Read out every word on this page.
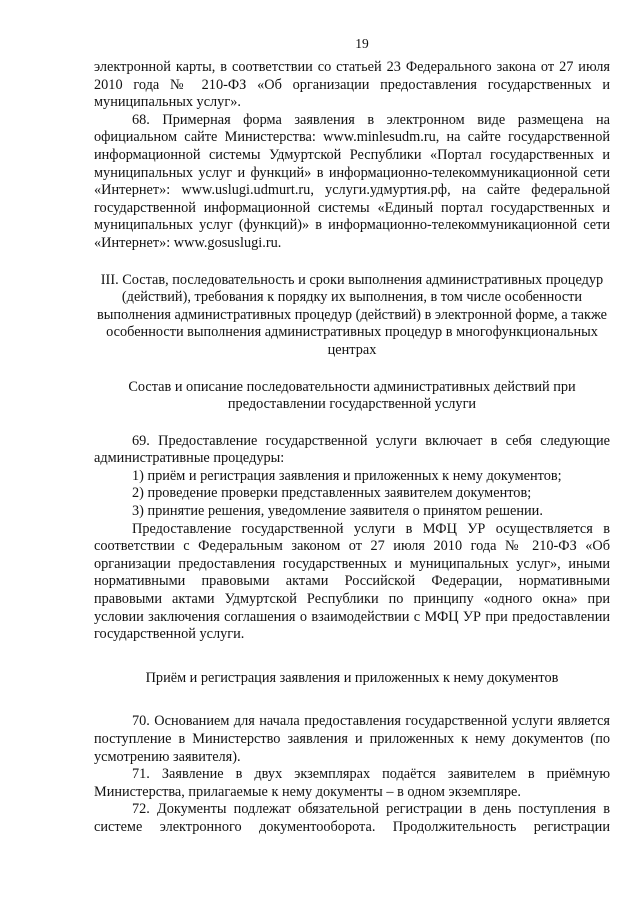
19

электронной карты, в соответствии со статьей 23 Федерального закона от 27 июля 2010 года № 210-ФЗ «Об организации предоставления государственных и муниципальных услуг».

68. Примерная форма заявления в электронном виде размещена на официальном сайте Министерства: www.minlesudm.ru, на сайте государственной информационной системы Удмуртской Республики «Портал государственных и муниципальных услуг и функций» в информационно-телекоммуникационной сети «Интернет»: www.uslugi.udmurt.ru, услуги.удмуртия.рф, на сайте федеральной государственной информационной системы «Единый портал государственных и муниципальных услуг (функций)» в информационно-телекоммуникационной сети «Интернет»: www.gosuslugi.ru.

III. Состав, последовательность и сроки выполнения административных процедур (действий), требования к порядку их выполнения, в том числе особенности выполнения административных процедур (действий) в электронной форме, а также особенности выполнения административных процедур в многофункциональных центрах

Состав и описание последовательности административных действий при предоставлении государственной услуги

69. Предоставление государственной услуги включает в себя следующие административные процедуры:

1) приём и регистрация заявления и приложенных к нему документов;

2) проведение проверки представленных заявителем документов;

3) принятие решения, уведомление заявителя о принятом решении.

Предоставление государственной услуги в МФЦ УР осуществляется в соответствии с Федеральным законом от 27 июля 2010 года № 210-ФЗ «Об организации предоставления государственных и муниципальных услуг», иными нормативными правовыми актами Российской Федерации, нормативными правовыми актами Удмуртской Республики по принципу «одного окна» при условии заключения соглашения о взаимодействии с МФЦ УР при предоставлении государственной услуги.

Приём и регистрация заявления и приложенных к нему документов

70. Основанием для начала предоставления государственной услуги является поступление в Министерство заявления и приложенных к нему документов (по усмотрению заявителя).

71. Заявление в двух экземплярах подаётся заявителем в приёмную Министерства, прилагаемые к нему документы – в одном экземпляре.

72. Документы подлежат обязательной регистрации в день поступления в системе электронного документооборота. Продолжительность регистрации
